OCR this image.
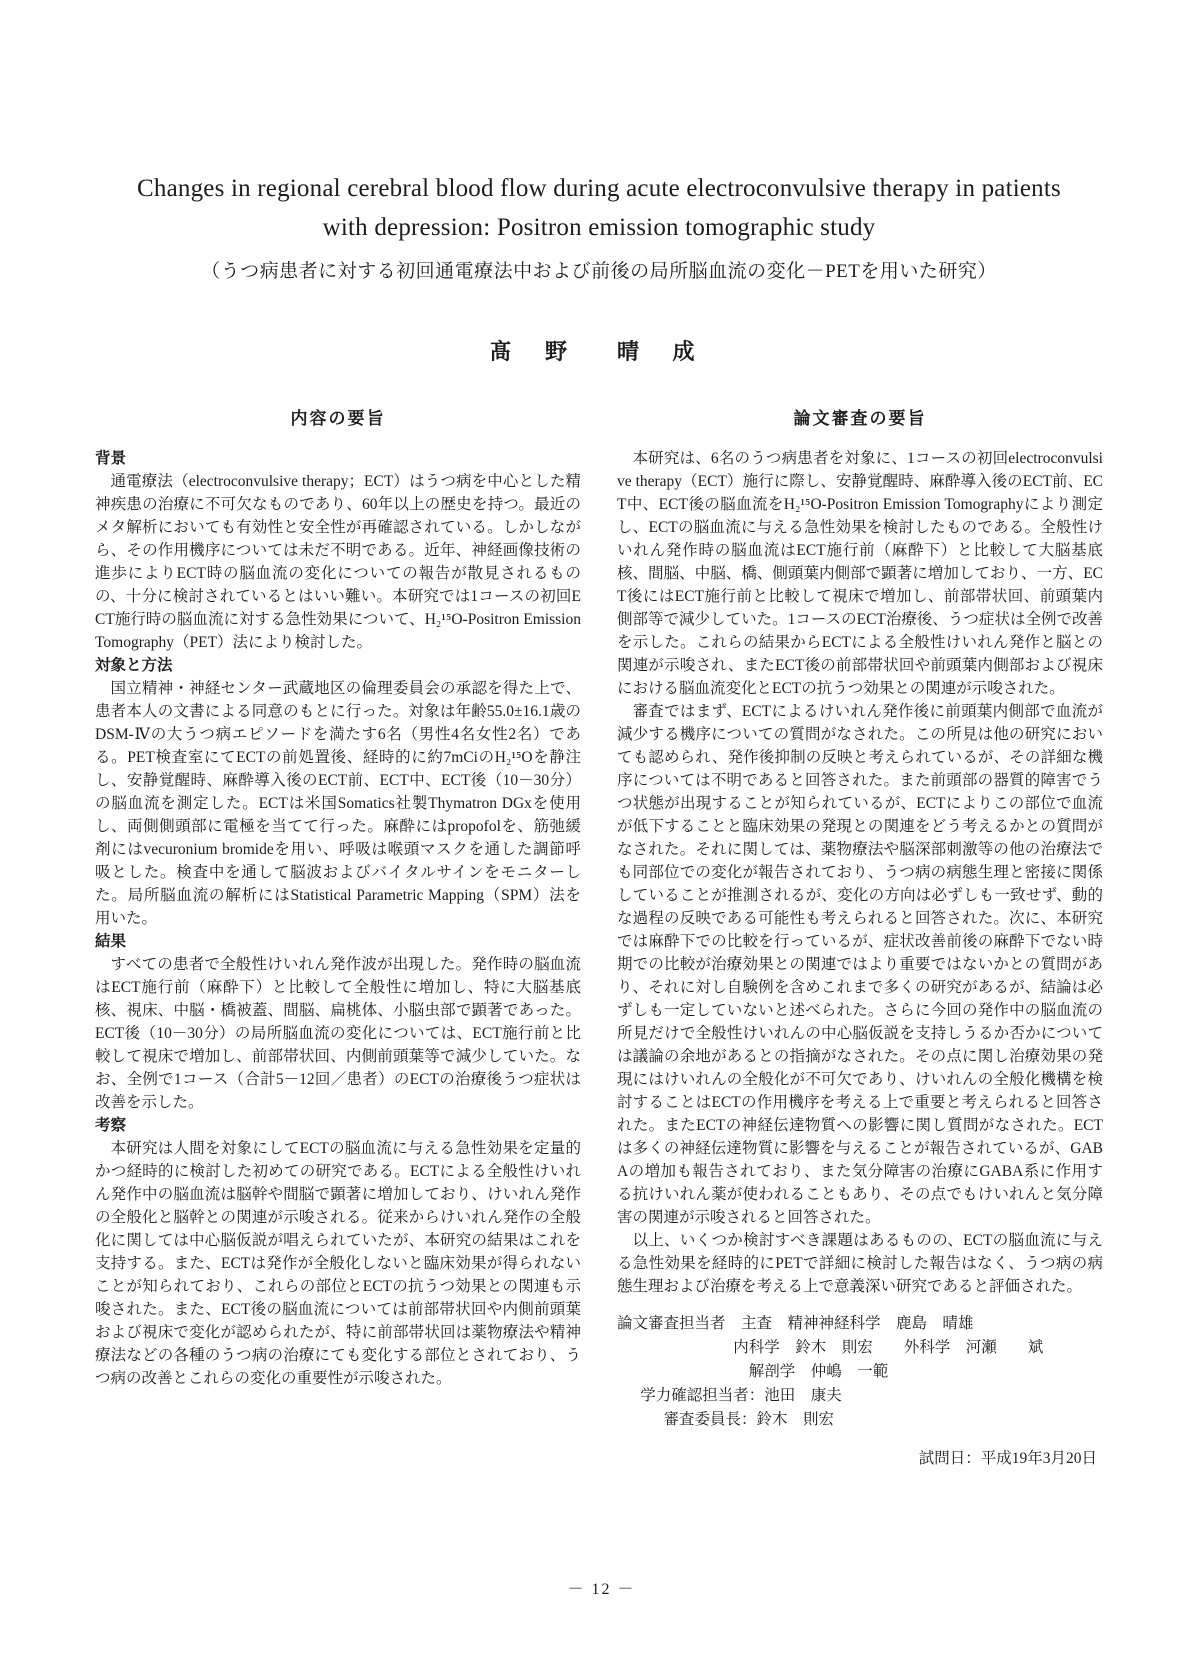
Changes in regional cerebral blood flow during acute electroconvulsive therapy in patients with depression: Positron emission tomographic study
（うつ病患者に対する初回通電療法中および前後の局所脳血流の変化－PETを用いた研究）
髙 野　晴 成
内容の要旨
背景

通電療法（electroconvulsive therapy；ECT）はうつ病を中心とした精神疾患の治療に不可欠なものであり、60年以上の歴史を持つ。最近のメタ解析においても有効性と安全性が再確認されている。しかしながら、その作用機序については未だ不明である。近年、神経画像技術の進歩によりECT時の脳血流の変化についての報告が散見されるものの、十分に検討されているとはいい難い。本研究では1コースの初回ECT施行時の脳血流に対する急性効果について、H₂¹⁵O-Positron Emission Tomography（PET）法により検討した。

対象と方法

国立精神・神経センター武蔵地区の倫理委員会の承認を得た上で、患者本人の文書による同意のもとに行った。対象は年齢55.0±16.1歳のDSM-Ⅳの大うつ病エピソードを満たす6名（男性4名女性2名）である。PET検査室にてECTの前処置後、経時的に約7mCiのH₂¹⁵Oを静注し、安静覚醒時、麻酔導入後のECT前、ECT中、ECT後（10－30分）の脳血流を測定した。ECTは米国Somatics社製Thymatron DGxを使用し、両側側頭部に電極を当てて行った。麻酔にはpropofolを、筋弛緩剤にはvecuronium bromideを用い、呼吸は喉頭マスクを通した調節呼吸とした。検査中を通して脳波およびバイタルサインをモニターした。局所脳血流の解析にはStatistical Parametric Mapping（SPM）法を用いた。

結果

すべての患者で全般性けいれん発作波が出現した。発作時の脳血流はECT施行前（麻酔下）と比較して全般性に増加し、特に大脳基底核、視床、中脳・橋被蓋、間脳、扁桃体、小脳虫部で顕著であった。ECT後（10－30分）の局所脳血流の変化については、ECT施行前と比較して視床で増加し、前部帯状回、内側前頭葉等で減少していた。なお、全例で1コース（合計5－12回／患者）のECTの治療後うつ症状は改善を示した。

考察

本研究は人間を対象にしてECTの脳血流に与える急性効果を定量的かつ経時的に検討した初めての研究である。ECTによる全般性けいれん発作中の脳血流は脳幹や間脳で顕著に増加しており、けいれん発作の全般化と脳幹との関連が示唆される。従来からけいれん発作の全般化に関しては中心脳仮説が唱えられていたが、本研究の結果はこれを支持する。また、ECTは発作が全般化しないと臨床効果が得られないことが知られており、これらの部位とECTの抗うつ効果との関連も示唆された。また、ECT後の脳血流については前部帯状回や内側前頭葉および視床で変化が認められたが、特に前部帯状回は薬物療法や精神療法などの各種のうつ病の治療にても変化する部位とされており、うつ病の改善とこれらの変化の重要性が示唆された。

論文審査の要旨

本研究は、6名のうつ病患者を対象に、1コースの初回electroconvulsive therapy（ECT）施行に際し、安静覚醒時、麻酔導入後のECT前、ECT中、ECT後の脳血流をH₂¹⁵O-Positron Emission Tomographyにより測定し、ECTの脳血流に与える急性効果を検討したものである。全般性けいれん発作時の脳血流はECT施行前（麻酔下）と比較して大脳基底核、間脳、中脳、橋、側頭葉内側部で顕著に増加しており、一方、ECT後にはECT施行前と比較して視床で増加し、前部帯状回、前頭葉内側部等で減少していた。1コースのECT治療後、うつ症状は全例で改善を示した。これらの結果からECTによる全般性けいれん発作と脳との関連が示唆され、またECT後の前部帯状回や前頭葉内側部および視床における脳血流変化とECTの抗うつ効果との関連が示唆された。

審査ではまず、ECTによるけいれん発作後に前頭葉内側部で血流が減少する機序についての質問がなされた。この所見は他の研究においても認められ、発作後抑制の反映と考えられているが、その詳細な機序については不明であると回答された。また前頭部の器質的障害でうつ状態が出現することが知られているが、ECTによりこの部位で血流が低下することと臨床効果の発現との関連をどう考えるかとの質問がなされた。それに関しては、薬物療法や脳深部刺激等の他の治療法でも同部位での変化が報告されており、うつ病の病態生理と密接に関係していることが推測されるが、変化の方向は必ずしも一致せず、動的な過程の反映である可能性も考えられると回答された。次に、本研究では麻酔下での比較を行っているが、症状改善前後の麻酔下でない時期での比較が治療効果との関連ではより重要ではないかとの質問があり、それに対し自験例を含めこれまで多くの研究があるが、結論は必ずしも一定していないと述べられた。さらに今回の発作中の脳血流の所見だけで全般性けいれんの中心脳仮説を支持しうるか否かについては議論の余地があるとの指摘がなされた。その点に関し治療効果の発現にはけいれんの全般化が不可欠であり、けいれんの全般化機構を検討することはECTの作用機序を考える上で重要と考えられると回答された。またECTの神経伝達物質への影響に関し質問がなされた。ECTは多くの神経伝達物質に影響を与えることが報告されているが、GABAの増加も報告されており、また気分障害の治療にGABA系に作用する抗けいれん薬が使われることもあり、その点でもけいれんと気分障害の関連が示唆されると回答された。

以上、いくつか検討すべき課題はあるものの、ECTの脳血流に与える急性効果を経時的にPETで詳細に検討した報告はなく、うつ病の病態生理および治療を考える上で意義深い研究であると評価された。

論文審査担当者　主査　精神神経科学　鹿島　晴雄
内科学　鈴木　則宏　　外科学　河瀬　　斌
解剖学　仲嶋　一範
学力確認担当者：池田　康夫
審査委員長：鈴木　則宏
試問日：平成19年3月20日
－ 12 －
